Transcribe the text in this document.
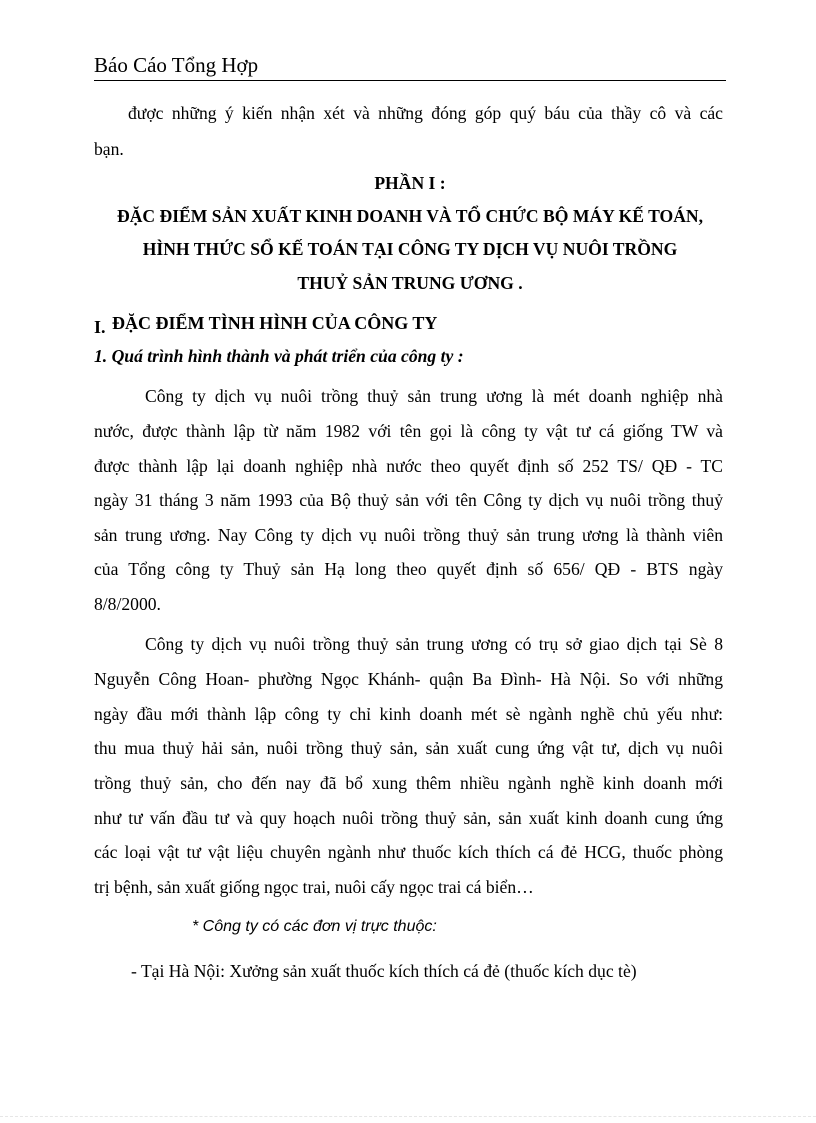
Báo Cáo Tổng Hợp
được những ý kiến nhận xét và những đóng góp quý báu của thầy cô và các
bạn.
PHẦN I :
ĐẶC ĐIỂM SẢN XUẤT KINH DOANH VÀ TỔ CHỨC BỘ MÁY KẾ TOÁN,
HÌNH THỨC SỔ KẾ TOÁN TẠI CÔNG TY DỊCH VỤ NUÔI TRỒNG
THUỶ SẢN TRUNG ƯƠNG .
I. ĐẶC ĐIỂM TÌNH HÌNH CỦA CÔNG TY
1. Quá trình hình thành và phát triển của công ty :
Công ty dịch vụ nuôi trồng thuỷ sản trung ương là mét doanh nghiệp nhà
nước, được thành lập từ năm 1982 với tên gọi là công ty vật tư cá giống TW và
được thành lập lại doanh nghiệp nhà nước theo quyết định số 252 TS/ QĐ - TC
ngày 31 tháng 3 năm 1993 của Bộ thuỷ sản với tên Công ty dịch vụ nuôi trồng thuỷ
sản trung ương. Nay Công ty dịch vụ nuôi trồng thuỷ sản trung ương là thành viên
của Tổng công ty Thuỷ sản Hạ long theo quyết định số 656/ QĐ - BTS ngày
8/8/2000.
Công ty dịch vụ nuôi trồng thuỷ sản trung ương có trụ sở giao dịch tại Sè 8
Nguyễn Công Hoan- phường Ngọc Khánh- quận Ba Đình- Hà Nội. So với những
ngày đầu mới thành lập công ty chỉ kinh doanh mét sè ngành nghề chủ yếu như:
thu mua thuỷ hải sản, nuôi trồng thuỷ sản, sản xuất cung ứng vật tư, dịch vụ nuôi
trồng thuỷ sản, cho đến nay đã bổ xung thêm nhiều ngành nghề kinh doanh mới
như tư vấn đầu tư và quy hoạch nuôi trồng thuỷ sản, sản xuất kinh doanh cung ứng
các loại vật tư vật liệu chuyên ngành như thuốc kích thích cá đẻ HCG, thuốc phòng
trị bệnh, sản xuất giống ngọc trai, nuôi cấy ngọc trai cá biển…
* Công ty có các đơn vị trực thuộc:
- Tại Hà Nội: Xưởng sản xuất thuốc kích thích cá đẻ (thuốc kích dục tè)
